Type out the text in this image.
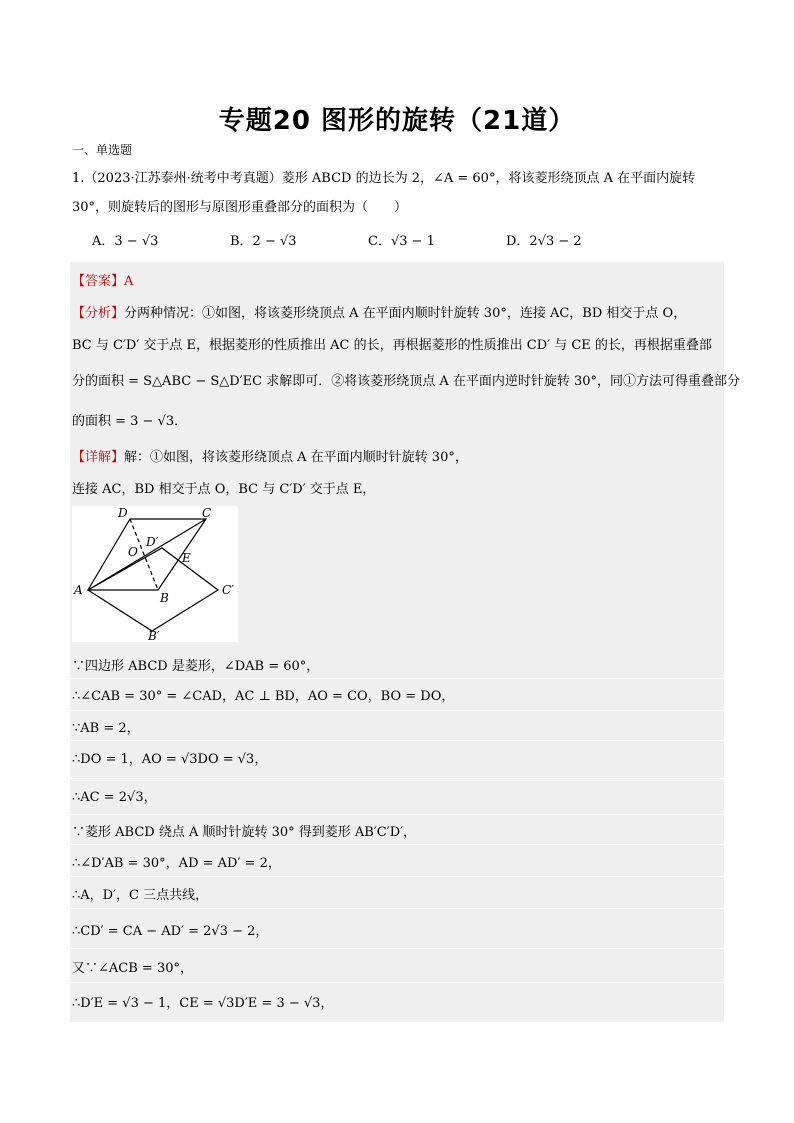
专题20 图形的旋转（21道）
一、单选题
1.（2023·江苏泰州·统考中考真题）菱形 ABCD 的边长为 2，∠A = 60°，将该菱形绕顶点 A 在平面内旋转
30°，则旋转后的图形与原图形重叠部分的面积为（　　）
A．3 − √3	B．2 − √3	C．√3 − 1	D．2√3 − 2
【答案】A
【分析】分两种情况：①如图，将该菱形绕顶点 A 在平面内顺时针旋转 30°，连接 AC，BD 相交于点 O，
BC 与 C′D′ 交于点 E，根据菱形的性质推出 AC 的长，再根据菱形的性质推出 CD′ 与 CE 的长，再根据重叠部
分的面积 = S△ABC − S△D′EC 求解即可．②将该菱形绕顶点 A 在平面内逆时针旋转 30°，同①方法可得重叠部分
的面积 = 3 − √3．
【详解】解：①如图，将该菱形绕顶点 A 在平面内顺时针旋转 30°，
连接 AC，BD 相交于点 O，BC 与 C′D′ 交于点 E，
A
B
C
D
O	E
D′
B′
C′
∵四边形 ABCD 是菱形，∠DAB = 60°，
∴∠CAB = 30° = ∠CAD，AC ⊥ BD，AO = CO，BO = DO，
∵AB = 2，
∴DO = 1，AO = √3DO = √3，
∴AC = 2√3，
∵菱形 ABCD 绕点 A 顺时针旋转 30° 得到菱形 AB′C′D′，
∴∠D′AB = 30°，AD = AD′ = 2，
∴A，D′，C 三点共线，
∴CD′ = CA − AD′ = 2√3 − 2，
又∵∠ACB = 30°，
∴D′E = √3 − 1，CE = √3D′E = 3 − √3，
